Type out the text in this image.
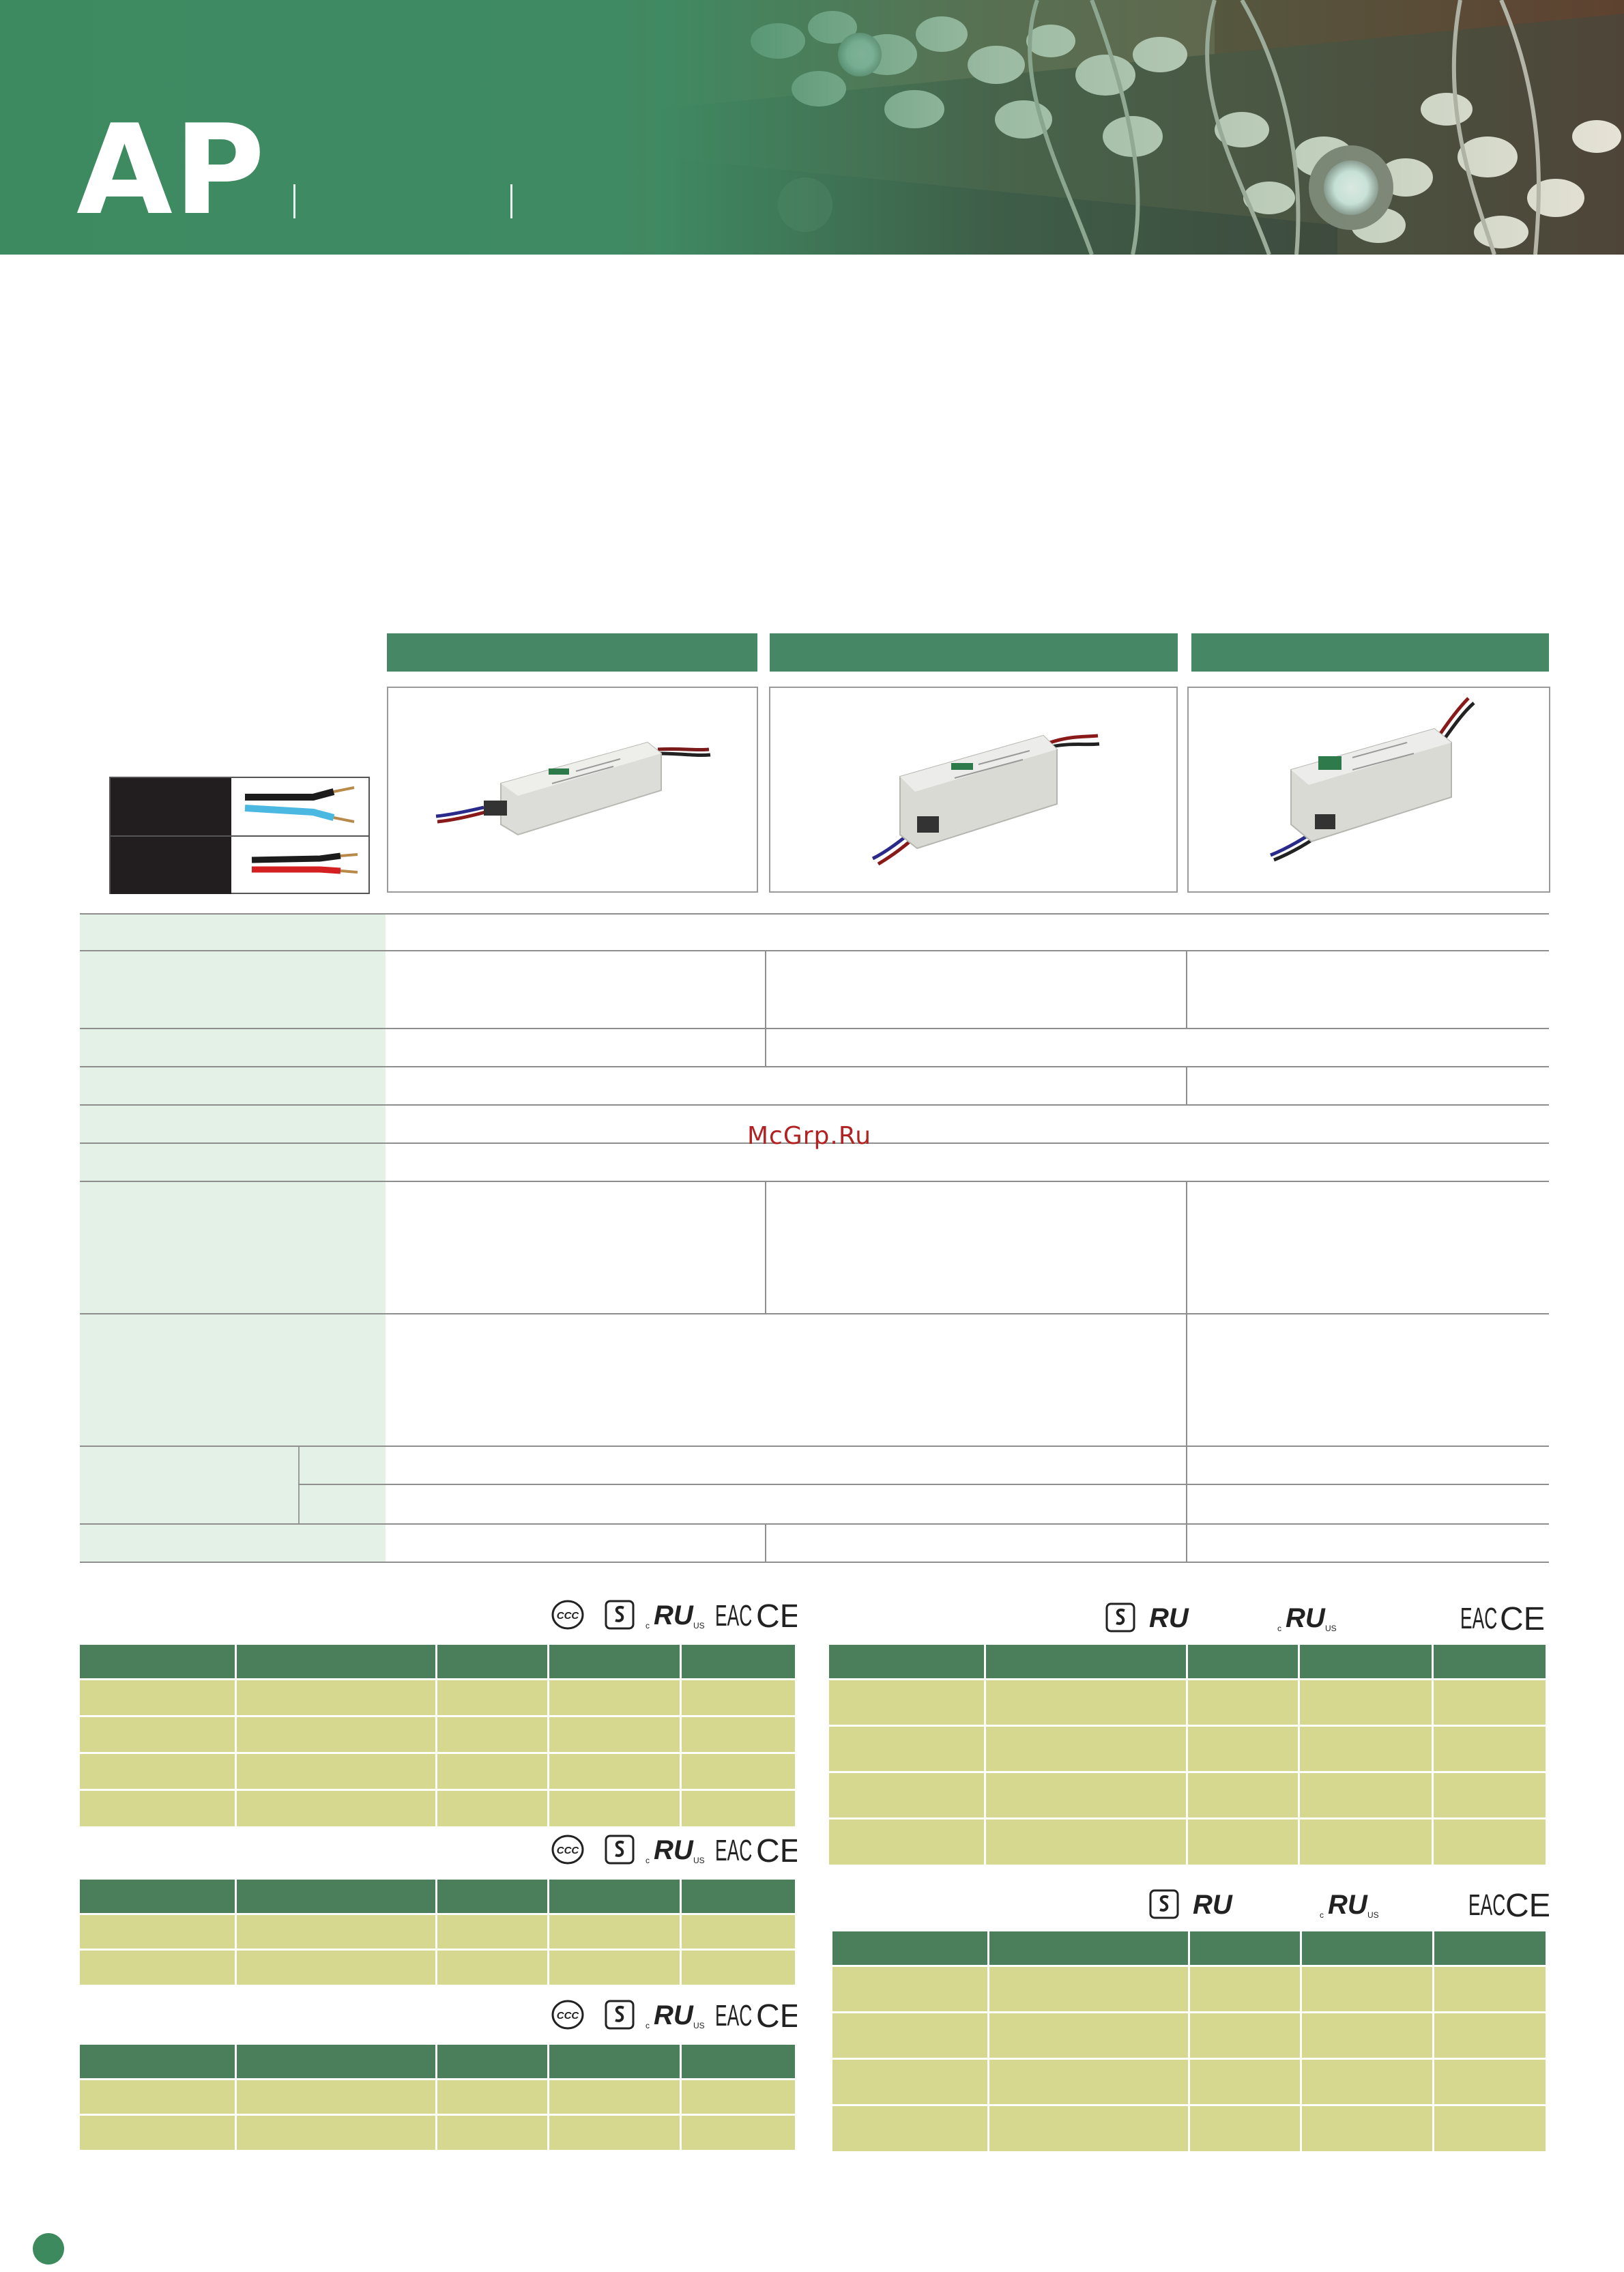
AP
McGrp.Ru
c	US
c	US
c	US
c	US
c	US
